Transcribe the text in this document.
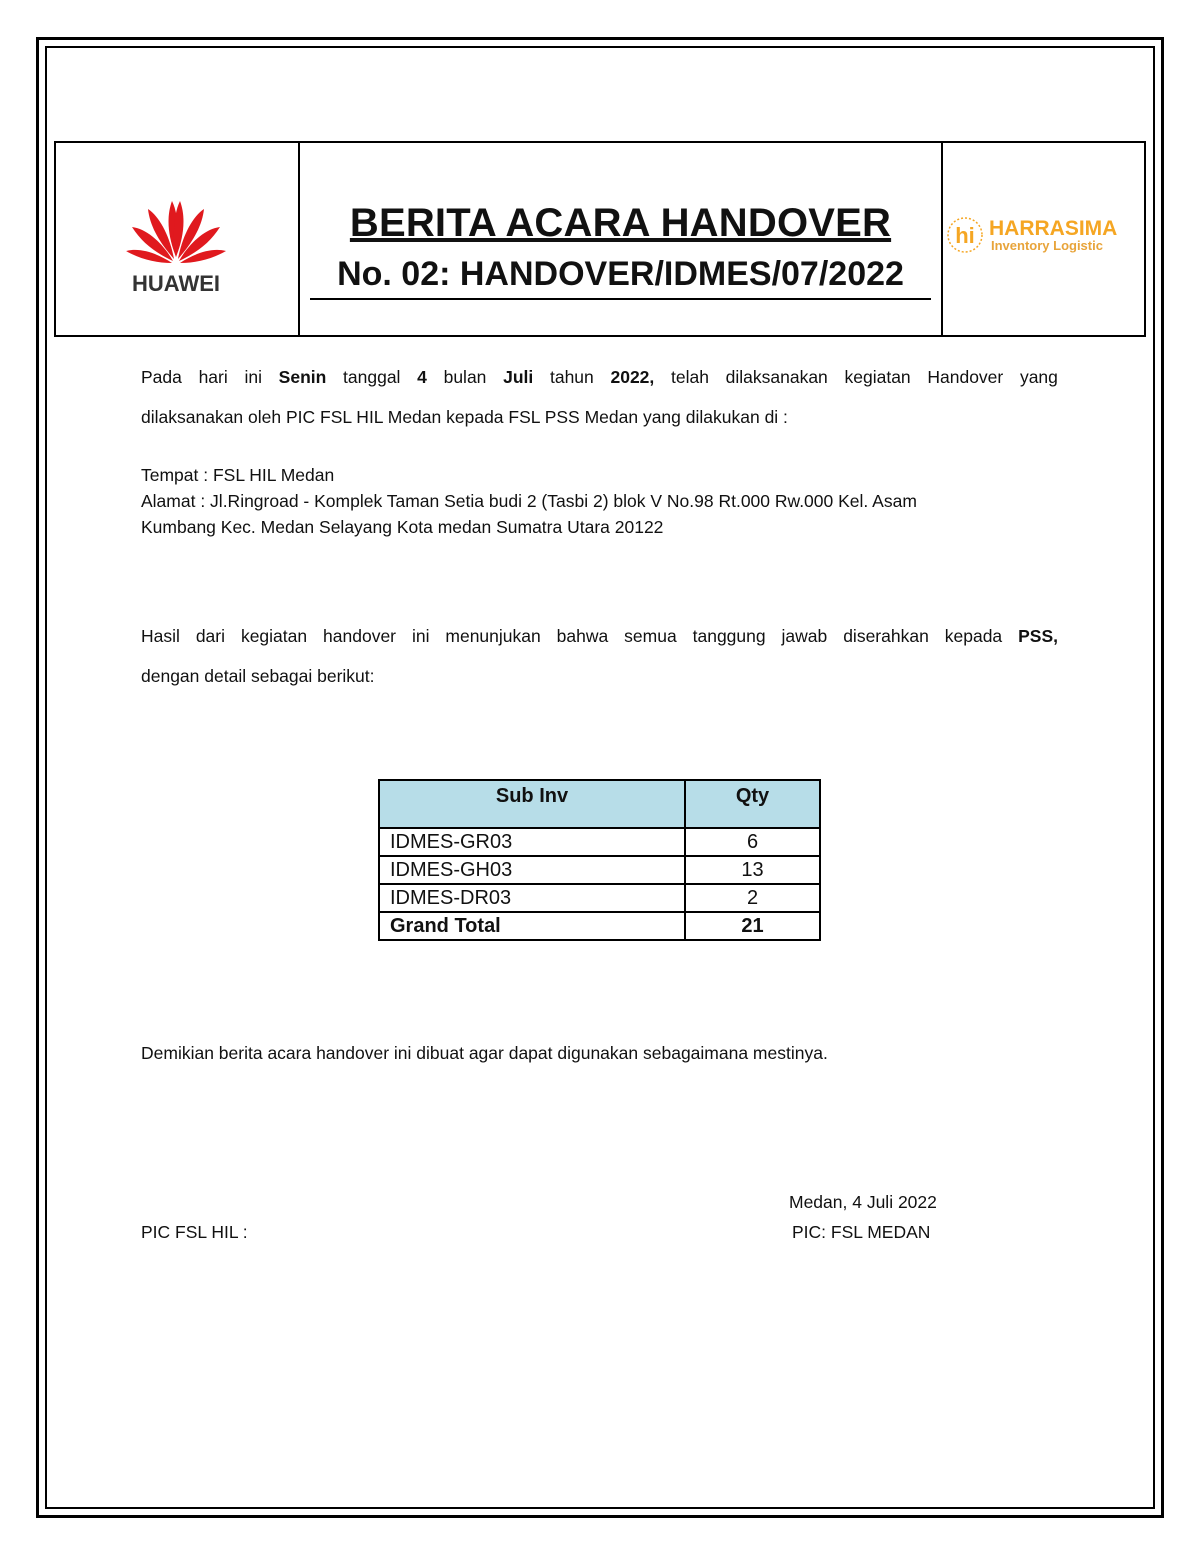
HUAWEI
BERITA ACARA HANDOVER
No. 02: HANDOVER/IDMES/07/2022
hi HARRASIMA
Inventory Logistic
Pada hari ini Senin tanggal 4 bulan Juli tahun 2022, telah dilaksanakan kegiatan Handover yang
dilaksanakan oleh PIC FSL HIL Medan kepada FSL PSS Medan yang dilakukan di :
Tempat : FSL HIL Medan
Alamat : Jl.Ringroad - Komplek Taman Setia budi 2 (Tasbi 2) blok V No.98 Rt.000 Rw.000 Kel. Asam
Kumbang Kec. Medan Selayang Kota medan Sumatra Utara 20122
Hasil dari kegiatan handover ini menunjukan bahwa semua tanggung jawab diserahkan kepada PSS,
dengan detail sebagai berikut:
Sub Inv	Qty
IDMES-GR03	6
IDMES-GH03	13
IDMES-DR03	2
Grand Total	21
Demikian berita acara handover ini dibuat agar dapat digunakan sebagaimana mestinya.
Medan, 4 Juli 2022
PIC FSL HIL :	PIC: FSL MEDAN
